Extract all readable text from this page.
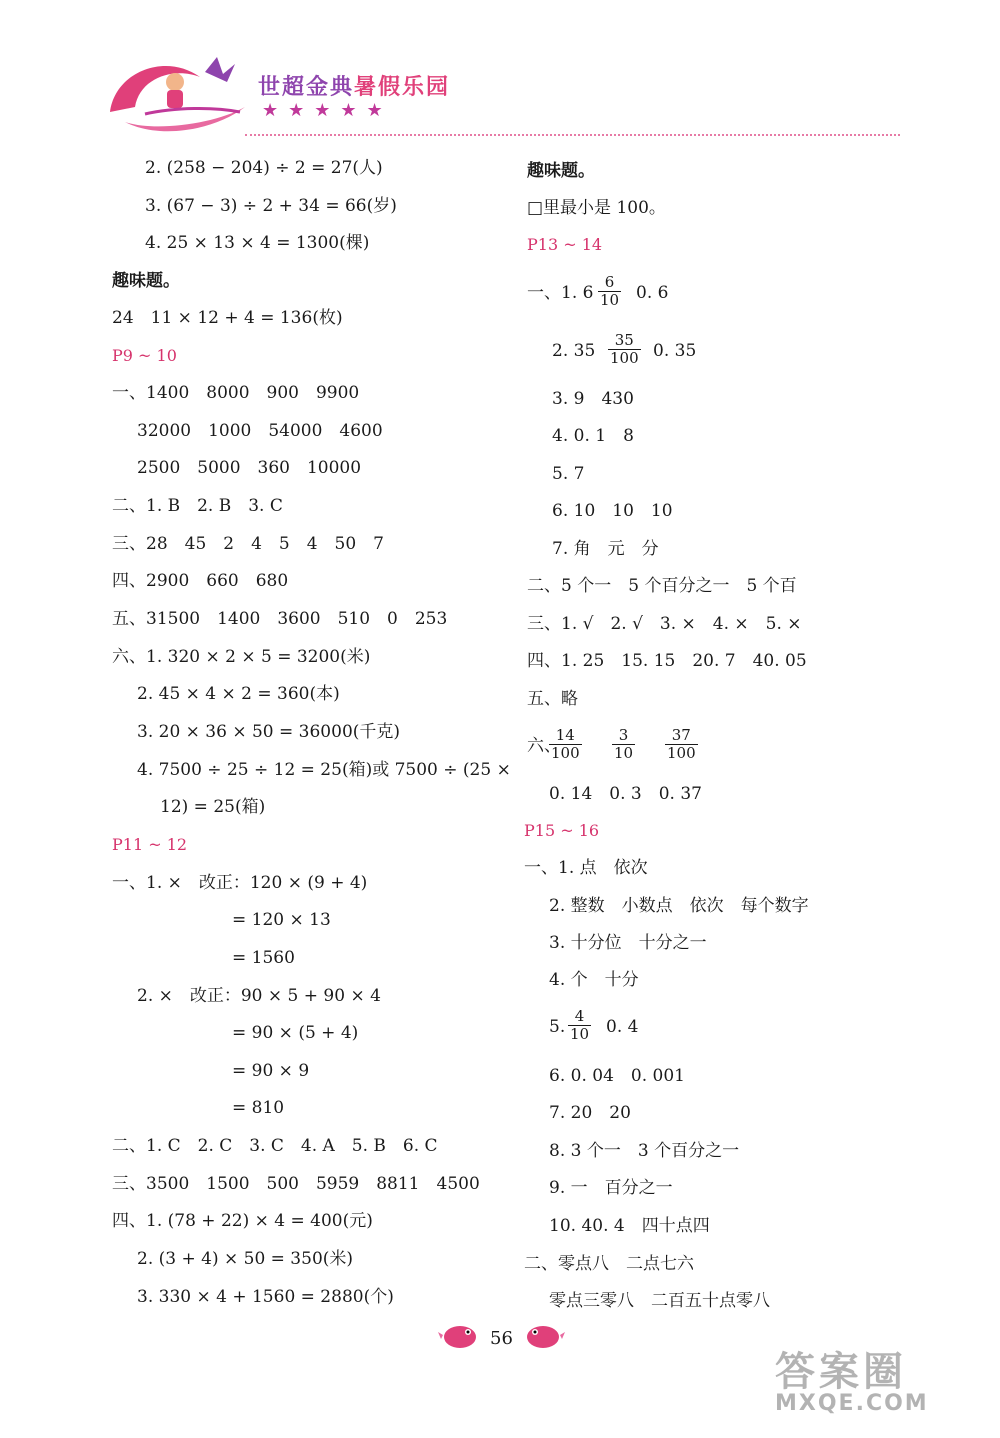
世超金典暑假乐园
★★★★★
2. (258 − 204) ÷ 2 = 27(人)
3. (67 − 3) ÷ 2 + 34 = 66(岁)
4. 25 × 13 × 4 = 1300(棵)
趣味题。
24　11 × 12 + 4 = 136(枚)
P9 ~ 10
一、1400　8000　900　9900
32000　1000　54000　4600
2500　5000　360　10000
二、1. B　2. B　3. C
三、28　45　2　4　5　4　50　7
四、2900　660　680
五、31500　1400　3600　510　0　253
六、1. 320 × 2 × 5 = 3200(米)
2. 45 × 4 × 2 = 360(本)
3. 20 × 36 × 50 = 36000(千克)
4. 7500 ÷ 25 ÷ 12 = 25(箱)或 7500 ÷ (25 ×
12) = 25(箱)
P11 ~ 12
一、1. ×　改正：120 × (9 + 4)
= 120 × 13
= 1560
2. ×　改正：90 × 5 + 90 × 4
= 90 × (5 + 4)
= 90 × 9
= 810
二、1. C　2. C　3. C　4. A　5. B　6. C
三、3500　1500　500　5959　8811　4500
四、1. (78 + 22) × 4 = 400(元)
2. (3 + 4) × 50 = 350(米)
3. 330 × 4 + 1560 = 2880(个)
趣味题。
□里最小是 100。
P13 ~ 14
一、1. $6 \frac{6}{10} 0$. 6
2. $35 \frac{35}{100} 0$. 35
3. 9　430
4. 0. 1　8
5. 7
6. 10　10　10
7. 角　元　分
二、5 个一　5 个百分之一　5 个百
三、1. √　2. √　3. ×　4. ×　5. ×
四、1. 25　15. 15　20. 7　40. 05
五、略
六、
$\frac{14}{100} \frac{3}{10} \frac{37}{100}$
0. 14　0. 3　0. 37
P15 ~ 16
一、1. 点　依次
2. 整数　小数点　依次　每个数字
3. 十分位　十分之一
4. 个　十分
5. $\frac{4}{10} 0$. 4
6. 0. 04　0. 001
7. 20　20
8. 3 个一　3 个百分之一
9. 一　百分之一
10. 40. 4　四十点四
二、零点八　二点七六
零点三零八　二百五十点零八
56
答案圈
MXQE.COM
